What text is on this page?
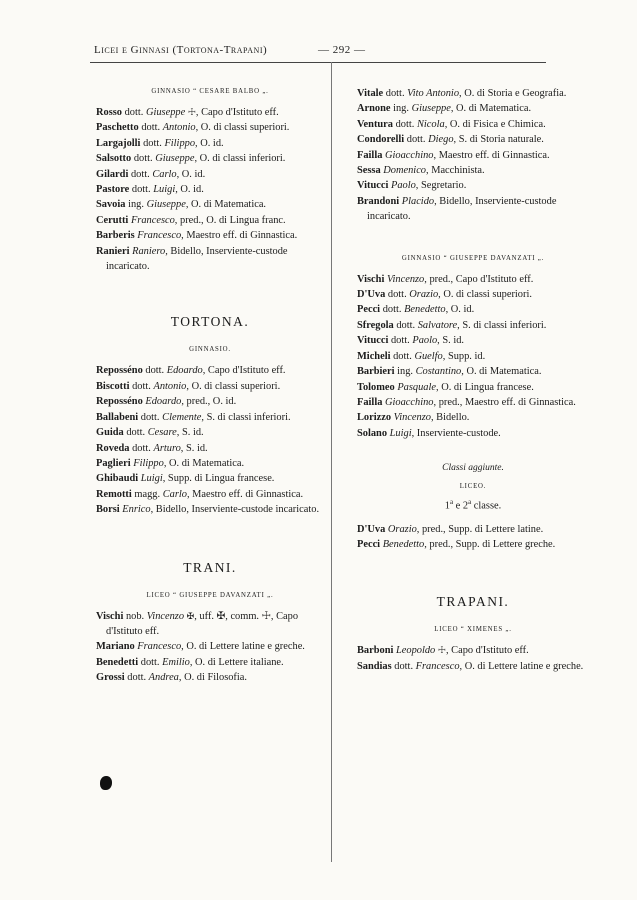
Licei e Ginnasi (Tortona-Trapani)	— 292 —

GINNASIO “ CESARE BALBO „.

Rosso dott. Giuseppe ☩, Capo d'Istituto eff.

Paschetto dott. Antonio, O. di classi superiori.

Largajolli dott. Filippo, O. id.

Salsotto dott. Giuseppe, O. di classi inferiori.

Gilardi dott. Carlo, O. id.

Pastore dott. Luigi, O. id.

Savoia ing. Giuseppe, O. di Matematica.

Cerutti Francesco, pred., O. di Lingua franc.

Barberis Francesco, Maestro eff. di Ginnastica.

Ranieri Raniero, Bidello, Inserviente-custode incaricato.

TORTONA.

GINNASIO.

Reposséno dott. Edoardo, Capo d'Istituto eff.

Biscotti dott. Antonio, O. di classi superiori.

Reposséno Edoardo, pred., O. id.

Ballabeni dott. Clemente, S. di classi inferiori.

Guida dott. Cesare, S. id.

Roveda dott. Arturo, S. id.

Paglieri Filippo, O. di Matematica.

Ghibaudi Luigi, Supp. di Lingua francese.

Remotti magg. Carlo, Maestro eff. di Ginnastica.

Borsi Enrico, Bidello, Inserviente-custode incaricato.

TRANI.

LICEO “ GIUSEPPE DAVANZATI „.

Vischi nob. Vincenzo ✠, uff. ✠, comm. ☩, Capo d'Istituto eff.

Mariano Francesco, O. di Lettere latine e greche.

Benedetti dott. Emilio, O. di Lettere italiane.

Grossi dott. Andrea, O. di Filosofia.

Vitale dott. Vito Antonio, O. di Storia e Geografia.

Arnone ing. Giuseppe, O. di Matematica.

Ventura dott. Nicola, O. di Fisica e Chimica.

Condorelli dott. Diego, S. di Storia naturale.

Failla Gioacchino, Maestro eff. di Ginnastica.

Sessa Domenico, Macchinista.

Vitucci Paolo, Segretario.

Brandoni Placido, Bidello, Inserviente-custode incaricato.

GINNASIO “ GIUSEPPE DAVANZATI „.

Vischi Vincenzo, pred., Capo d'Istituto eff.

D'Uva dott. Orazio, O. di classi superiori.

Pecci dott. Benedetto, O. id.

Sfregola dott. Salvatore, S. di classi inferiori.

Vitucci dott. Paolo, S. id.

Micheli dott. Guelfo, Supp. id.

Barbieri ing. Costantino, O. di Matematica.

Tolomeo Pasquale, O. di Lingua francese.

Failla Gioacchino, pred., Maestro eff. di Ginnastica.

Lorizzo Vincenzo, Bidello.

Solano Luigi, Inserviente-custode.

Classi aggiunte.

LICEO.

1$^a$ e 2$^a$ classe.

D'Uva Orazio, pred., Supp. di Lettere latine.

Pecci Benedetto, pred., Supp. di Lettere greche.

TRAPANI.

LICEO “ XIMENES „.

Barboni Leopoldo ☩, Capo d'Istituto eff.

Sandias dott. Francesco, O. di Lettere latine e greche.
